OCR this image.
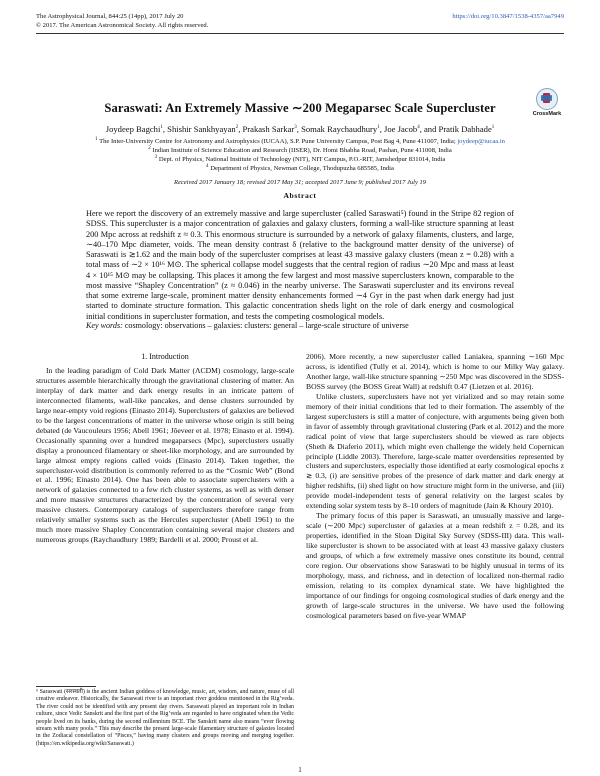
The Astrophysical Journal, 844:25 (14pp), 2017 July 20	https://doi.org/10.3847/1538-4357/aa7949
© 2017. The American Astronomical Society. All rights reserved.
CrossMark
Saraswati: An Extremely Massive ∼200 Megaparsec Scale Supercluster
Joydeep Bagchi$^1$, Shishir Sankhyayan$^2$, Prakash Sarkar$^3$, Somak Raychaudhury$^1$, Joe Jacob$^4$, and Pratik Dabhade$^1$
$^1$ The Inter-University Centre for Astronomy and Astrophysics (IUCAA), S.P. Pune University Campus, Post Bag 4, Pune 411007, India; joydeep@iucaa.in
$^2$ Indian Institute of Science Education and Research (IISER), Dr. Homi Bhabha Road, Pashan, Pune 411008, India
$^3$ Dept. of Physics, National Institute of Technology (NIT), NIT Campus, P.O.-RIT, Jamshedpur 831014, India
$^4$ Department of Physics, Newman College, Thodupuzha 685585, India
Received 2017 January 18; revised 2017 May 31; accepted 2017 June 9; published 2017 July 19
Abstract

Here we report the discovery of an extremely massive and large supercluster (called Saraswati⁵) found in the Stripe 82 region of SDSS. This supercluster is a major concentration of galaxies and galaxy clusters, forming a wall-like structure spanning at least 200 Mpc across at redshift z ≈ 0.3. This enormous structure is surrounded by a network of galaxy filaments, clusters, and large, ∼40–170 Mpc diameter, voids. The mean density contrast δ (relative to the background matter density of the universe) of Saraswati is ≳1.62 and the main body of the supercluster comprises at least 43 massive galaxy clusters (mean z = 0.28) with a total mass of ∼2 × 10¹⁶ M⊙. The spherical collapse model suggests that the central region of radius ∼20 Mpc and mass at least 4 × 10¹⁵ M⊙ may be collapsing. This places it among the few largest and most massive superclusters known, comparable to the most massive “Shapley Concentration” (z ≈ 0.046) in the nearby universe. The Saraswati supercluster and its environs reveal that some extreme large-scale, prominent matter density enhancements formed ∼4 Gyr in the past when dark energy had just started to dominate structure formation. This galactic concentration sheds light on the role of dark energy and cosmological initial conditions in supercluster formation, and tests the competing cosmological models.

Key words: cosmology: observations – galaxies: clusters: general – large-scale structure of universe
1. Introduction

In the leading paradigm of Cold Dark Matter (ΛCDM) cosmology, large-scale structures assemble hierarchically through the gravitational clustering of matter. An interplay of dark matter and dark energy results in an intricate pattern of interconnected filaments, wall-like pancakes, and dense clusters surrounded by large near-empty void regions (Einasto 2014). Superclusters of galaxies are believed to be the largest concentrations of matter in the universe whose origin is still being debated (de Vaucouleurs 1956; Abell 1961; Jõeveer et al. 1978; Einasto et al. 1994). Occasionally spanning over a hundred megaparsecs (Mpc), superclusters usually display a pronounced filamentary or sheet-like morphology, and are surrounded by large almost empty regions called voids (Einasto 2014). Taken together, the supercluster-void distribution is commonly referred to as the “Cosmic Web” (Bond et al. 1996; Einasto 2014). One has been able to associate superclusters with a network of galaxies connected to a few rich cluster systems, as well as with denser and more massive structures characterized by the concentration of several very massive clusters. Contemporary catalogs of superclusters therefore range from relatively smaller systems such as the Hercules supercluster (Abell 1961) to the much more massive Shapley Concentration containing several major clusters and numerous groups (Raychaudhury 1989; Bardelli et al. 2000; Proust et al.

2006). More recently, a new supercluster called Laniakea, spanning ∼160 Mpc across, is identified (Tully et al. 2014), which is home to our Milky Way galaxy. Another large, wall-like structure spanning ∼250 Mpc was discovered in the SDSS-BOSS survey (the BOSS Great Wall) at redshift 0.47 (Lietzen et al. 2016).

Unlike clusters, superclusters have not yet virialized and so may retain some memory of their initial conditions that led to their formation. The assembly of the largest superclusters is still a matter of conjecture, with arguments being given both in favor of assembly through gravitational clustering (Park et al. 2012) and the more radical point of view that large superclusters should be viewed as rare objects (Sheth & Diaferio 2011), which might even challenge the widely held Copernican principle (Liddle 2003). Therefore, large-scale matter overdensities represented by clusters and superclusters, especially those identified at early cosmological epochs z ≳ 0.3, (i) are sensitive probes of the presence of dark matter and dark energy at higher redshifts, (ii) shed light on how structure might form in the universe, and (iii) provide model-independent tests of general relativity on the largest scales by extending solar system tests by 8–10 orders of magnitude (Jain & Khoury 2010).

The primary focus of this paper is Saraswati, an unusually massive and large-scale (∼200 Mpc) supercluster of galaxies at a mean redshift z = 0.28, and its properties, identified in the Sloan Digital Sky Survey (SDSS-III) data. This wall-like supercluster is shown to be associated with at least 43 massive galaxy clusters and groups, of which a few extremely massive ones constitute its bound, central core region. Our observations show Saraswati to be highly unusual in terms of its morphology, mass, and richness, and in detection of localized non-thermal radio emission, relating to its complex dynamical state. We have highlighted the importance of our findings for ongoing cosmological studies of dark energy and the growth of large-scale structures in the universe. We have used the following cosmological parameters based on five-year WMAP

⁵ Saraswati (सरस्वती) is the ancient Indian goddess of knowledge, music, art, wisdom, and nature, muse of all creative endeavor. Historically, the Saraswati river is an important river goddess mentioned in the Rig’veda. The river could not be identified with any present day rivers. Saraswati played an important role in Indian culture, since Vedic Sanskrit and the first part of the Rig’veda are regarded to have originated when the Vedic people lived on its banks, during the second millennium BCE. The Sanskrit name also means “ever flowing stream with many pools.” This may describe the present large-scale filamentary structure of galaxies located in the Zodiacal constellation of “Pisces,” having many clusters and groups moving and merging together. (https://en.wikipedia.org/wiki/Saraswati.)
1
